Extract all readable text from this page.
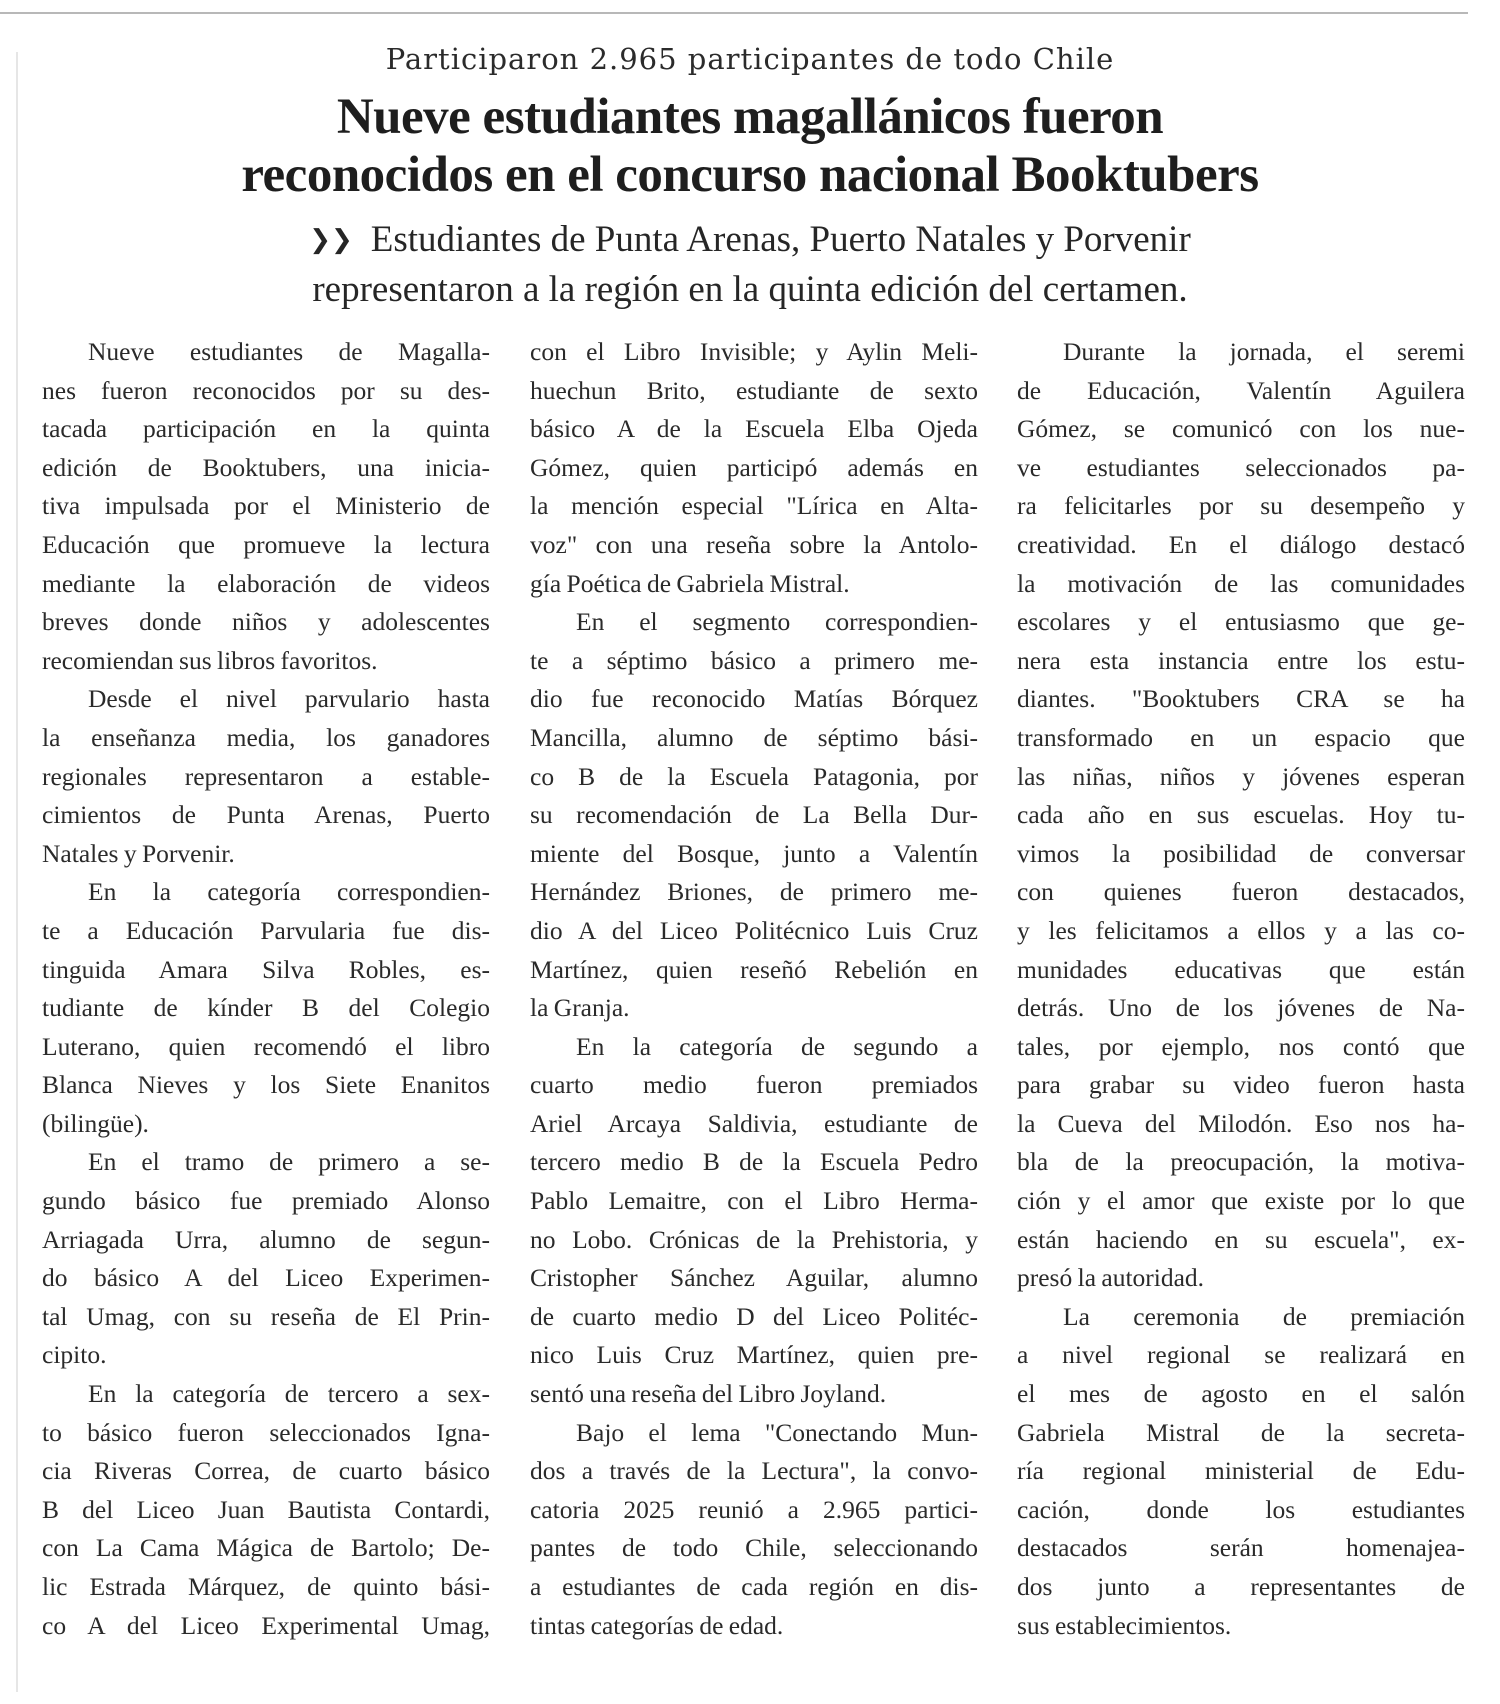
Participaron 2.965 participantes de todo Chile
Nueve estudiantes magallánicos fueron
reconocidos en el concurso nacional Booktubers
❯❯ Estudiantes de Punta Arenas, Puerto Natales y Porvenir
representaron a la región en la quinta edición del certamen.
Nueve estudiantes de Magalla-
nes fueron reconocidos por su des-
tacada participación en la quinta
edición de Booktubers, una inicia-
tiva impulsada por el Ministerio de
Educación que promueve la lectura
mediante la elaboración de videos
breves donde niños y adolescentes
recomiendan sus libros favoritos.
Desde el nivel parvulario hasta
la enseñanza media, los ganadores
regionales representaron a estable-
cimientos de Punta Arenas, Puerto
Natales y Porvenir.
En la categoría correspondien-
te a Educación Parvularia fue dis-
tinguida Amara Silva Robles, es-
tudiante de kínder B del Colegio
Luterano, quien recomendó el libro
Blanca Nieves y los Siete Enanitos
(bilingüe).
En el tramo de primero a se-
gundo básico fue premiado Alonso
Arriagada Urra, alumno de segun-
do básico A del Liceo Experimen-
tal Umag, con su reseña de El Prin-
cipito.
En la categoría de tercero a sex-
to básico fueron seleccionados Igna-
cia Riveras Correa, de cuarto básico
B del Liceo Juan Bautista Contardi,
con La Cama Mágica de Bartolo; De-
lic Estrada Márquez, de quinto bási-
co A del Liceo Experimental Umag,
con el Libro Invisible; y Aylin Meli-
huechun Brito, estudiante de sexto
básico A de la Escuela Elba Ojeda
Gómez, quien participó además en
la mención especial "Lírica en Alta-
voz" con una reseña sobre la Antolo-
gía Poética de Gabriela Mistral.
En el segmento correspondien-
te a séptimo básico a primero me-
dio fue reconocido Matías Bórquez
Mancilla, alumno de séptimo bási-
co B de la Escuela Patagonia, por
su recomendación de La Bella Dur-
miente del Bosque, junto a Valentín
Hernández Briones, de primero me-
dio A del Liceo Politécnico Luis Cruz
Martínez, quien reseñó Rebelión en
la Granja.
En la categoría de segundo a
cuarto medio fueron premiados
Ariel Arcaya Saldivia, estudiante de
tercero medio B de la Escuela Pedro
Pablo Lemaitre, con el Libro Herma-
no Lobo. Crónicas de la Prehistoria, y
Cristopher Sánchez Aguilar, alumno
de cuarto medio D del Liceo Politéc-
nico Luis Cruz Martínez, quien pre-
sentó una reseña del Libro Joyland.
Bajo el lema "Conectando Mun-
dos a través de la Lectura", la convo-
catoria 2025 reunió a 2.965 partici-
pantes de todo Chile, seleccionando
a estudiantes de cada región en dis-
tintas categorías de edad.
Durante la jornada, el seremi
de Educación, Valentín Aguilera
Gómez, se comunicó con los nue-
ve estudiantes seleccionados pa-
ra felicitarles por su desempeño y
creatividad. En el diálogo destacó
la motivación de las comunidades
escolares y el entusiasmo que ge-
nera esta instancia entre los estu-
diantes. "Booktubers CRA se ha
transformado en un espacio que
las niñas, niños y jóvenes esperan
cada año en sus escuelas. Hoy tu-
vimos la posibilidad de conversar
con quienes fueron destacados,
y les felicitamos a ellos y a las co-
munidades educativas que están
detrás. Uno de los jóvenes de Na-
tales, por ejemplo, nos contó que
para grabar su video fueron hasta
la Cueva del Milodón. Eso nos ha-
bla de la preocupación, la motiva-
ción y el amor que existe por lo que
están haciendo en su escuela", ex-
presó la autoridad.
La ceremonia de premiación
a nivel regional se realizará en
el mes de agosto en el salón
Gabriela Mistral de la secreta-
ría regional ministerial de Edu-
cación, donde los estudiantes
destacados serán homenajea-
dos junto a representantes de
sus establecimientos.
